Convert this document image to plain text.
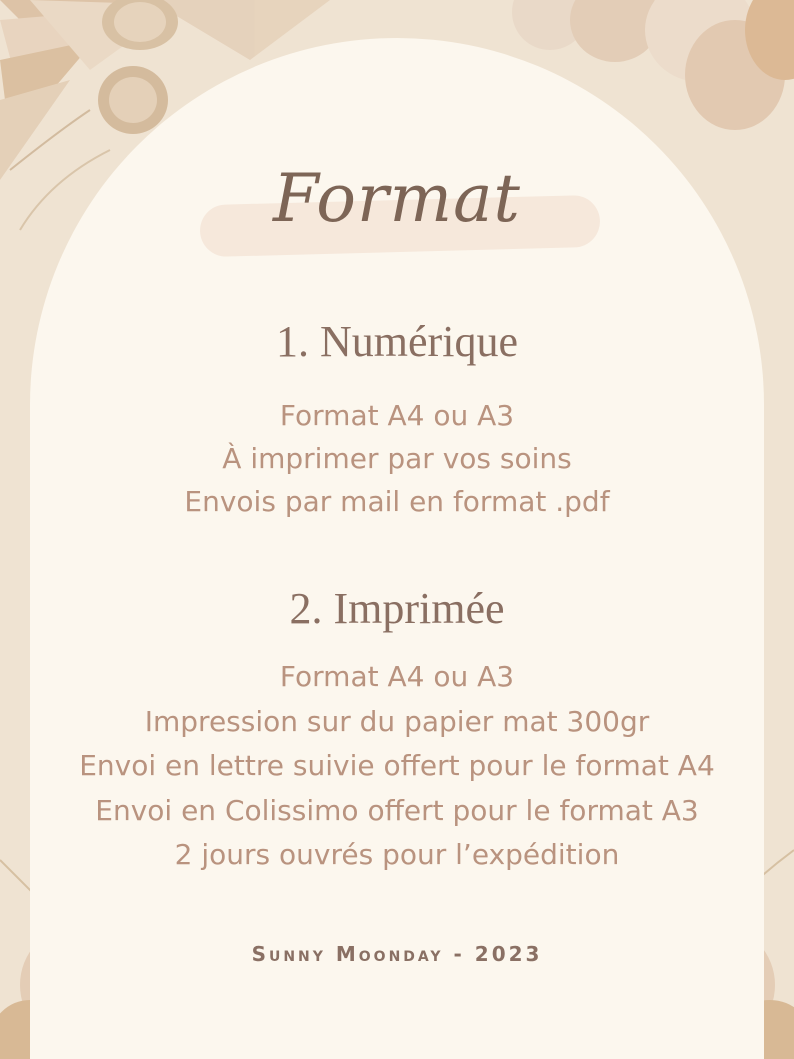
Format
1. Numérique
Format A4 ou A3
À imprimer par vos soins
Envois par mail en format .pdf
2. Imprimée
Format A4 ou A3
Impression sur du papier mat 300gr
Envoi en lettre suivie offert pour le format A4
Envoi en Colissimo offert pour le format A3
2 jours ouvrés pour l’expédition
Sunny Moonday - 2023
